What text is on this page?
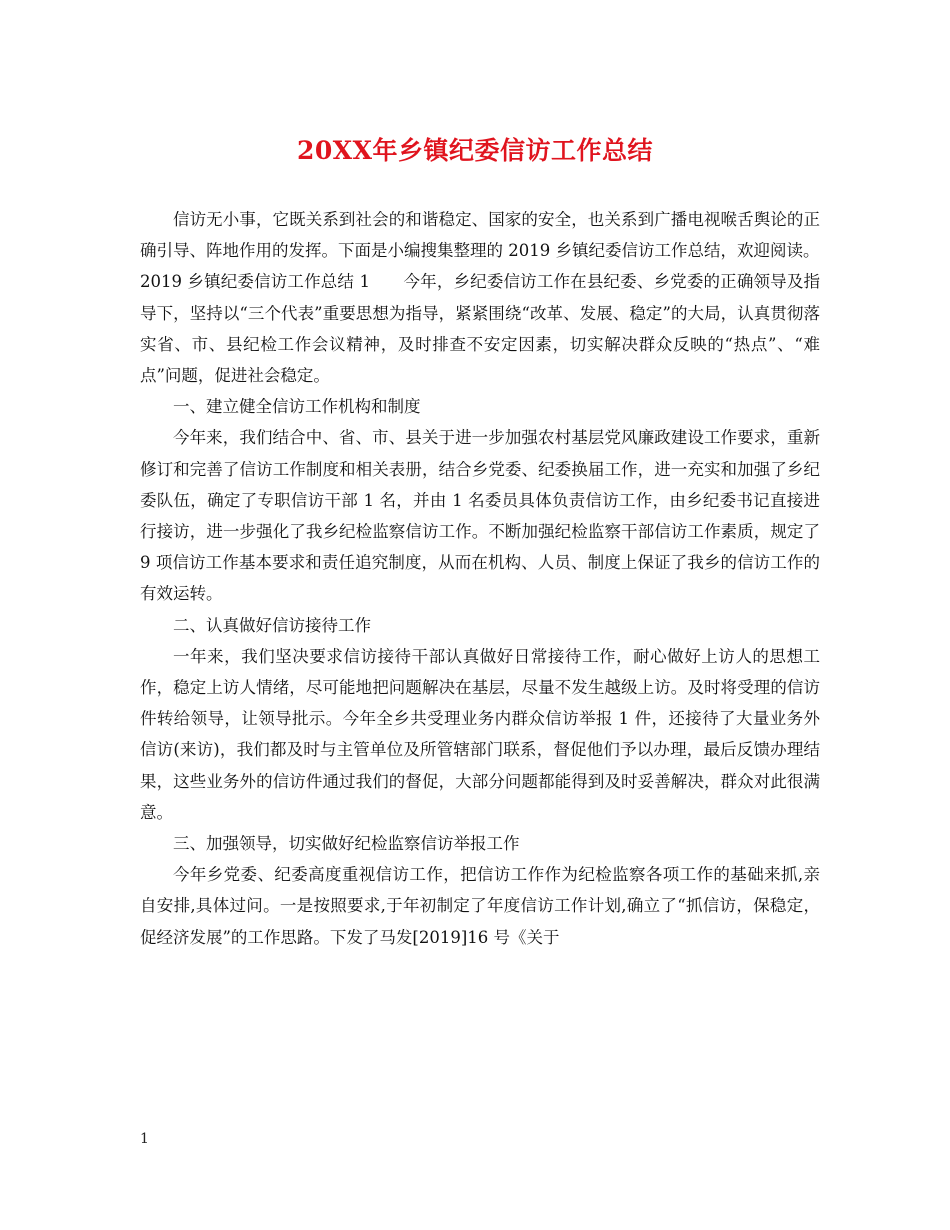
20XX年乡镇纪委信访工作总结

信访无小事，它既关系到社会的和谐稳定、国家的安全，也关系到广播电视喉舌舆论的正确引导、阵地作用的发挥。下面是小编搜集整理的 2019 乡镇纪委信访工作总结，欢迎阅读。

2019 乡镇纪委信访工作总结 1　　今年，乡纪委信访工作在县纪委、乡党委的正确领导及指导下，坚持以“三个代表”重要思想为指导，紧紧围绕“改革、发展、稳定”的大局，认真贯彻落实省、市、县纪检工作会议精神，及时排查不安定因素，切实解决群众反映的“热点”、“难点”问题，促进社会稳定。

一、建立健全信访工作机构和制度

今年来，我们结合中、省、市、县关于进一步加强农村基层党风廉政建设工作要求，重新修订和完善了信访工作制度和相关表册，结合乡党委、纪委换届工作，进一充实和加强了乡纪委队伍，确定了专职信访干部 1 名，并由 1 名委员具体负责信访工作，由乡纪委书记直接进行接访，进一步强化了我乡纪检监察信访工作。不断加强纪检监察干部信访工作素质，规定了 9 项信访工作基本要求和责任追究制度，从而在机构、人员、制度上保证了我乡的信访工作的有效运转。

二、认真做好信访接待工作

一年来，我们坚决要求信访接待干部认真做好日常接待工作，耐心做好上访人的思想工作，稳定上访人情绪，尽可能地把问题解决在基层，尽量不发生越级上访。及时将受理的信访件转给领导，让领导批示。今年全乡共受理业务内群众信访举报 1 件，还接待了大量业务外信访(来访)，我们都及时与主管单位及所管辖部门联系，督促他们予以办理，最后反馈办理结果，这些业务外的信访件通过我们的督促，大部分问题都能得到及时妥善解决，群众对此很满意。

三、加强领导，切实做好纪检监察信访举报工作

今年乡党委、纪委高度重视信访工作，把信访工作作为纪检监察各项工作的基础来抓,亲自安排,具体过问。一是按照要求,于年初制定了年度信访工作计划,确立了“抓信访，保稳定，促经济发展”的工作思路。下发了马发[2019]16 号《关于

1
